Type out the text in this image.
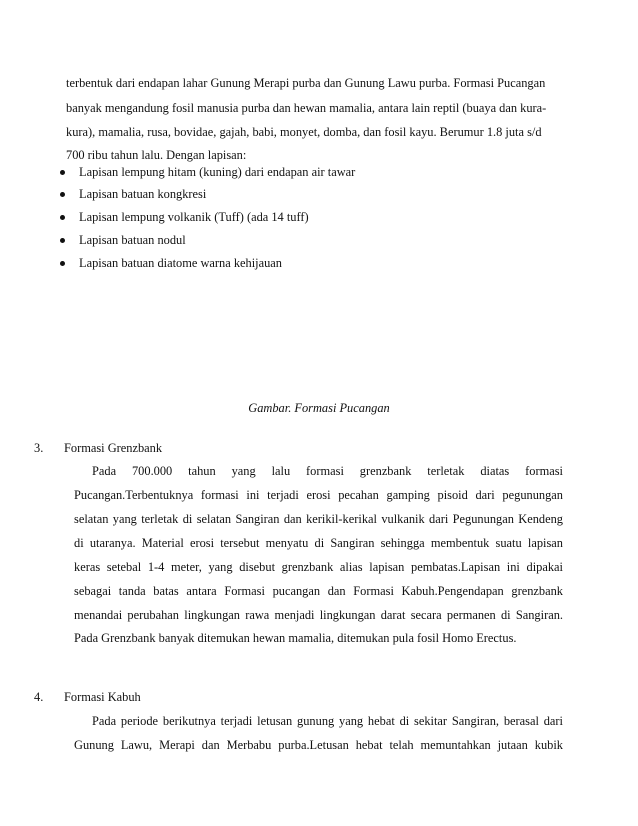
terbentuk dari endapan lahar Gunung Merapi purba dan Gunung Lawu purba. Formasi Pucangan
banyak mengandung fosil manusia purba dan hewan mamalia, antara lain reptil (buaya dan kura-
kura), mamalia, rusa, bovidae, gajah, babi, monyet, domba, dan fosil kayu. Berumur 1.8 juta s/d
700 ribu tahun lalu. Dengan lapisan:
Lapisan lempung hitam (kuning) dari endapan air tawar
Lapisan batuan kongkresi
Lapisan lempung volkanik (Tuff) (ada 14 tuff)
Lapisan batuan nodul
Lapisan batuan diatome warna kehijauan
Gambar. Formasi Pucangan
3. Formasi Grenzbank
Pada 700.000 tahun yang lalu formasi grenzbank terletak diatas formasi
Pucangan.Terbentuknya formasi ini terjadi erosi pecahan gamping pisoid dari pegunungan
selatan yang terletak di selatan Sangiran dan kerikil-kerikal vulkanik dari Pegunungan Kendeng
di utaranya. Material erosi tersebut menyatu di Sangiran sehingga membentuk suatu lapisan
keras setebal 1-4 meter, yang disebut grenzbank alias lapisan pembatas.Lapisan ini dipakai
sebagai tanda batas antara Formasi pucangan dan Formasi Kabuh.Pengendapan grenzbank
menandai perubahan lingkungan rawa menjadi lingkungan darat secara permanen di Sangiran.
Pada Grenzbank banyak ditemukan hewan mamalia, ditemukan pula fosil Homo Erectus.
4. Formasi Kabuh
Pada periode berikutnya terjadi letusan gunung yang hebat di sekitar Sangiran, berasal dari
Gunung Lawu, Merapi dan Merbabu purba.Letusan hebat telah memuntahkan jutaan kubik
